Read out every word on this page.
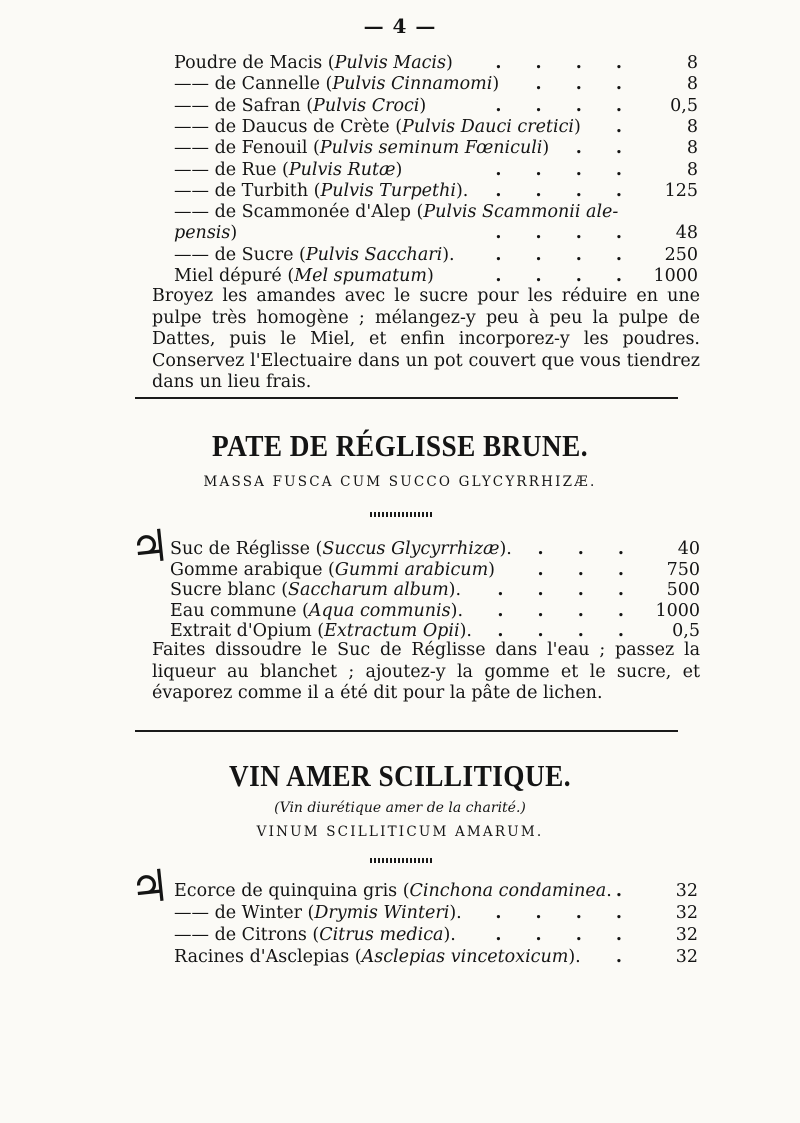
— 4 —
Poudre de Macis (Pulvis Macis) . . . .	8
—— de Cannelle (Pulvis Cinnamomi) . . .	8
—— de Safran (Pulvis Croci)	. . . . 0,5
—— de Daucus de Crète (Pulvis Dauci cretici) .	8
—— de Fenouil (Pulvis seminum Fœniculi) . .	8
—— de Rue (Pulvis Rutæ)	. . . .	8
—— de Turbith (Pulvis Turpethi). . . . . 125
—— de Scammonée d'Alep (Pulvis Scammonii ale-
pensis)	. . . . 48
—— de Sucre (Pulvis Sacchari). . . . . 250
Miel dépuré (Mel spumatum)	. . . . 1000
Broyez les amandes avec le sucre pour les réduire en une pulpe très homogène ; mélangez-y peu à peu la pulpe de Dattes, puis le Miel, et enfin incorporez-y les poudres. Conservez l'Electuaire dans un pot couvert que vous tiendrez dans un lieu frais.
PATE DE RÉGLISSE BRUNE.
MASSA FUSCA CUM SUCCO GLYCYRRHIZÆ.
♃
Suc de Réglisse (Succus Glycyrrhizæ). . . . 40
Gomme arabique (Gummi arabicum) . . . 750
Sucre blanc (Saccharum album). . . . . 500
Eau commune (Aqua communis). . . . . 1000
Extrait d'Opium (Extractum Opii). . . . . 0,5
Faites dissoudre le Suc de Réglisse dans l'eau ; passez la liqueur au blanchet ; ajoutez-y la gomme et le sucre, et évaporez comme il a été dit pour la pâte de lichen.
VIN AMER SCILLITIQUE.
(Vin diurétique amer de la charité.)
VINUM SCILLITICUM AMARUM.
♃ Ecorce de quinquina gris (Cinchona condaminea. . 32
—— de Winter (Drymis Winteri). . . . . 32
—— de Citrons (Citrus medica). . . . . 32
Racines d'Asclepias (Asclepias vincetoxicum). . 32
